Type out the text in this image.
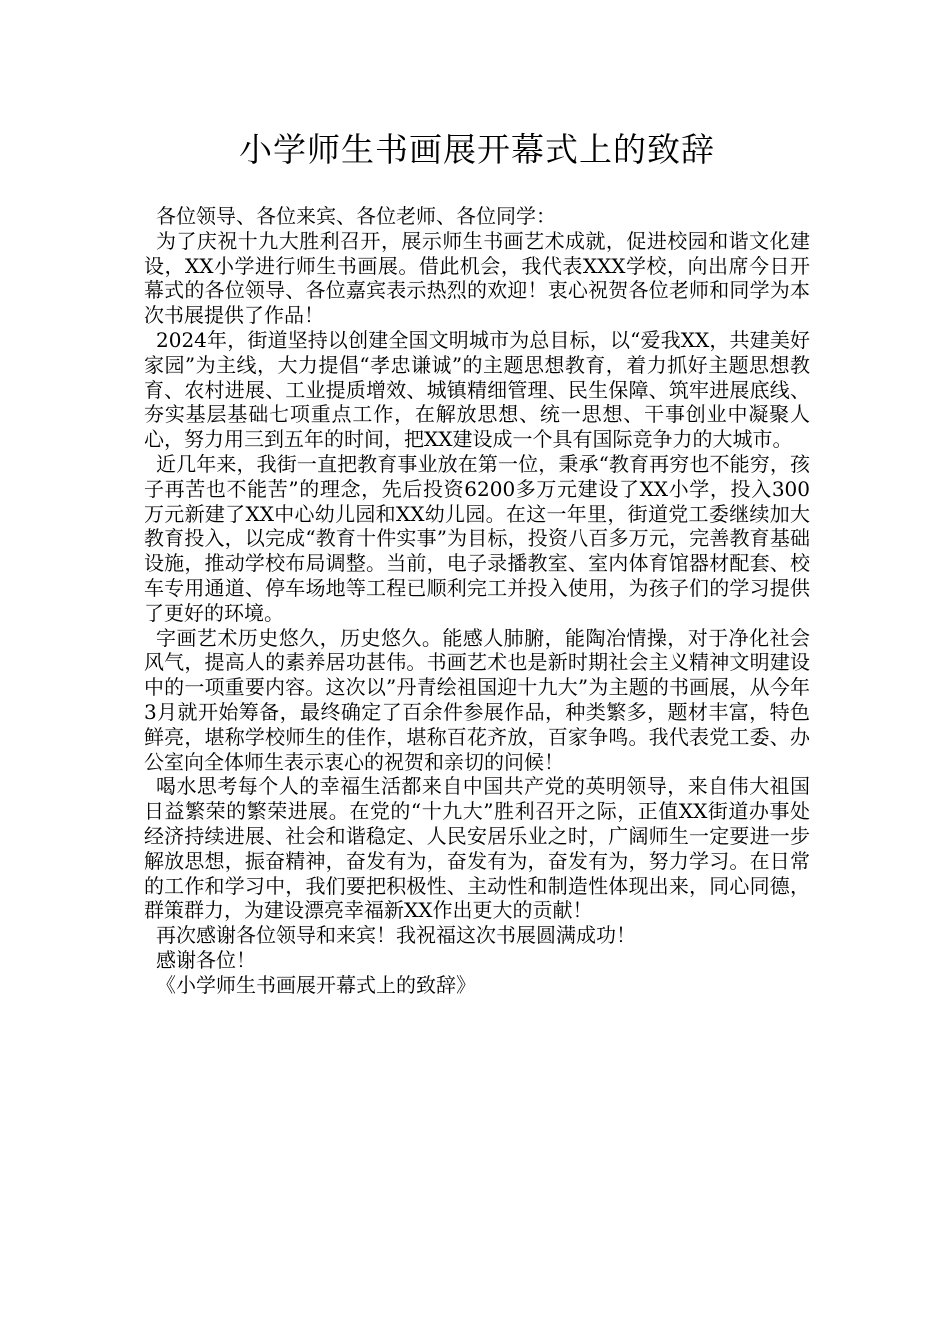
小学师生书画展开幕式上的致辞

各位领导、各位来宾、各位老师、各位同学：

为了庆祝十九大胜利召开，展示师生书画艺术成就，促进校园和谐文化建设，XX小学进行师生书画展。借此机会，我代表XXX学校，向出席今日开幕式的各位领导、各位嘉宾表示热烈的欢迎！衷心祝贺各位老师和同学为本次书展提供了作品！

2024年，街道坚持以创建全国文明城市为总目标，以“爱我XX，共建美好家园”为主线，大力提倡“孝忠谦诚”的主题思想教育，着力抓好主题思想教育、农村进展、工业提质增效、城镇精细管理、民生保障、筑牢进展底线、夯实基层基础七项重点工作，在解放思想、统一思想、干事创业中凝聚人心，努力用三到五年的时间，把XX建设成一个具有国际竞争力的大城市。

近几年来，我街一直把教育事业放在第一位，秉承“教育再穷也不能穷，孩子再苦也不能苦”的理念，先后投资6200多万元建设了XX小学，投入300万元新建了XX中心幼儿园和XX幼儿园。在这一年里，街道党工委继续加大教育投入，以完成“教育十件实事”为目标，投资八百多万元，完善教育基础设施，推动学校布局调整。当前，电子录播教室、室内体育馆器材配套、校车专用通道、停车场地等工程已顺利完工并投入使用，为孩子们的学习提供了更好的环境。

字画艺术历史悠久，历史悠久。能感人肺腑，能陶冶情操，对于净化社会风气，提高人的素养居功甚伟。书画艺术也是新时期社会主义精神文明建设中的一项重要内容。这次以”丹青绘祖国迎十九大”为主题的书画展，从今年3月就开始筹备，最终确定了百余件参展作品，种类繁多，题材丰富，特色鲜亮，堪称学校师生的佳作，堪称百花齐放，百家争鸣。我代表党工委、办公室向全体师生表示衷心的祝贺和亲切的问候！

喝水思考每个人的幸福生活都来自中国共产党的英明领导，来自伟大祖国日益繁荣的繁荣进展。在党的“十九大”胜利召开之际，正值XX街道办事处经济持续进展、社会和谐稳定、人民安居乐业之时，广阔师生一定要进一步解放思想，振奋精神，奋发有为，奋发有为，奋发有为，努力学习。在日常的工作和学习中，我们要把积极性、主动性和制造性体现出来，同心同德，群策群力，为建设漂亮幸福新XX作出更大的贡献！

再次感谢各位领导和来宾！我祝福这次书展圆满成功！

感谢各位！

《小学师生书画展开幕式上的致辞》
